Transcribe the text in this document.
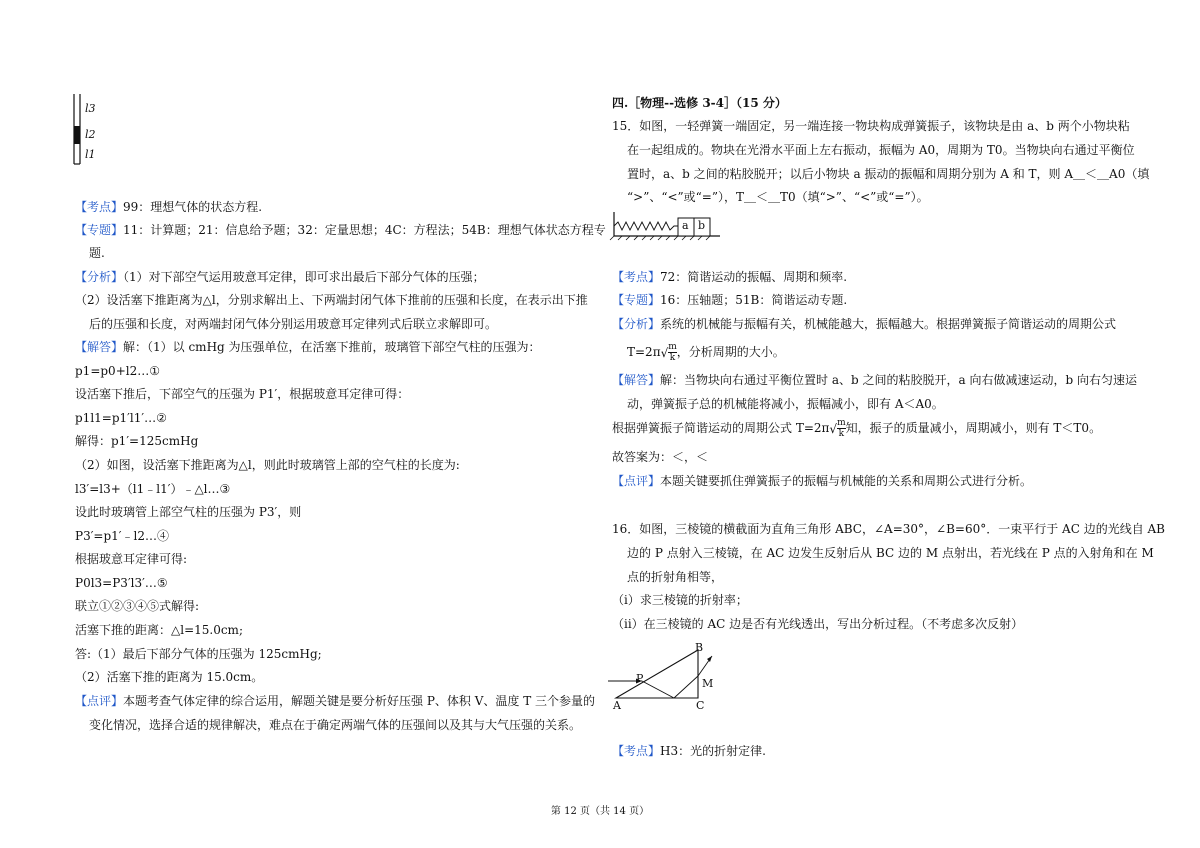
l3
l2
l1
【考点】99：理想气体的状态方程.
【专题】11：计算题；21：信息给予题；32：定量思想；4C：方程法；54B：理想气体状态方程专
题.
【分析】（1）对下部空气运用玻意耳定律，即可求出最后下部分气体的压强；
（2）设活塞下推距离为△l，分别求解出上、下两端封闭气体下推前的压强和长度，在表示出下推
后的压强和长度，对两端封闭气体分别运用玻意耳定律列式后联立求解即可。
【解答】解：（1）以 cmHg 为压强单位，在活塞下推前，玻璃管下部空气柱的压强为：
p1=p0+l2…①
设活塞下推后，下部空气的压强为 P1′，根据玻意耳定律可得：
p1l1=p1′l1′…②
解得：p1′=125cmHg
（2）如图，设活塞下推距离为△l，则此时玻璃管上部的空气柱的长度为:
l3′=l3+（l1﹣l1′）﹣△l…③
设此时玻璃管上部空气柱的压强为 P3′，则
P3′=p1′﹣l2…④
根据玻意耳定律可得:
P0l3=P3′l3′…⑤
联立①②③④⑤式解得:
活塞下推的距离：△l=15.0cm;
答:（1）最后下部分气体的压强为 125cmHg;
（2）活塞下推的距离为 15.0cm。
【点评】本题考查气体定律的综合运用，解题关键是要分析好压强 P、体积 V、温度 T 三个参量的
变化情况，选择合适的规律解决，难点在于确定两端气体的压强间以及其与大气压强的关系。
四.［物理--选修 3-4］（15 分）
15．如图，一轻弹簧一端固定，另一端连接一物块构成弹簧振子，该物块是由 a、b 两个小物块粘
在一起组成的。物块在光滑水平面上左右振动，振幅为 A0，周期为 T0。当物块向右通过平衡位
置时，a、b 之间的粘胶脱开；以后小物块 a 振动的振幅和周期分别为 A 和 T，则 A＿＜＿A0（填
“>”、“<”或“=”），T＿＜＿T0（填“>”、“<”或“=”）。
a b
【考点】72：简谐运动的振幅、周期和频率.
【专题】16：压轴题；51B：简谐运动专题.
【分析】系统的机械能与振幅有关，机械能越大，振幅越大。根据弹簧振子简谐运动的周期公式
$T=2\pi√ \frac{m}{k}$ ，分析周期的大小。
【解答】解：当物块向右通过平衡位置时 a、b 之间的粘胶脱开，a 向右做减速运动，b 向右匀速运
动，弹簧振子总的机械能将减小，振幅减小，即有 A＜A0。
根据弹簧振子简谐运动的周期公式 $T=2\pi√ \frac{m}{k}$ 知，振子的质量减小，周期减小，则有 T＜T0。
故答案为：＜，＜
【点评】本题关键要抓住弹簧振子的振幅与机械能的关系和周期公式进行分析。
16．如图，三棱镜的横截面为直角三角形 ABC，∠A=30°，∠B=60°．一束平行于 AC 边的光线自 AB
边的 P 点射入三棱镜，在 AC 边发生反射后从 BC 边的 M 点射出，若光线在 P 点的入射角和在 M
点的折射角相等，
（i）求三棱镜的折射率；
（ii）在三棱镜的 AC 边是否有光线透出，写出分析过程。（不考虑多次反射）
A
B
C
P	M
【考点】H3：光的折射定律.
第 12 页（共 14 页）
